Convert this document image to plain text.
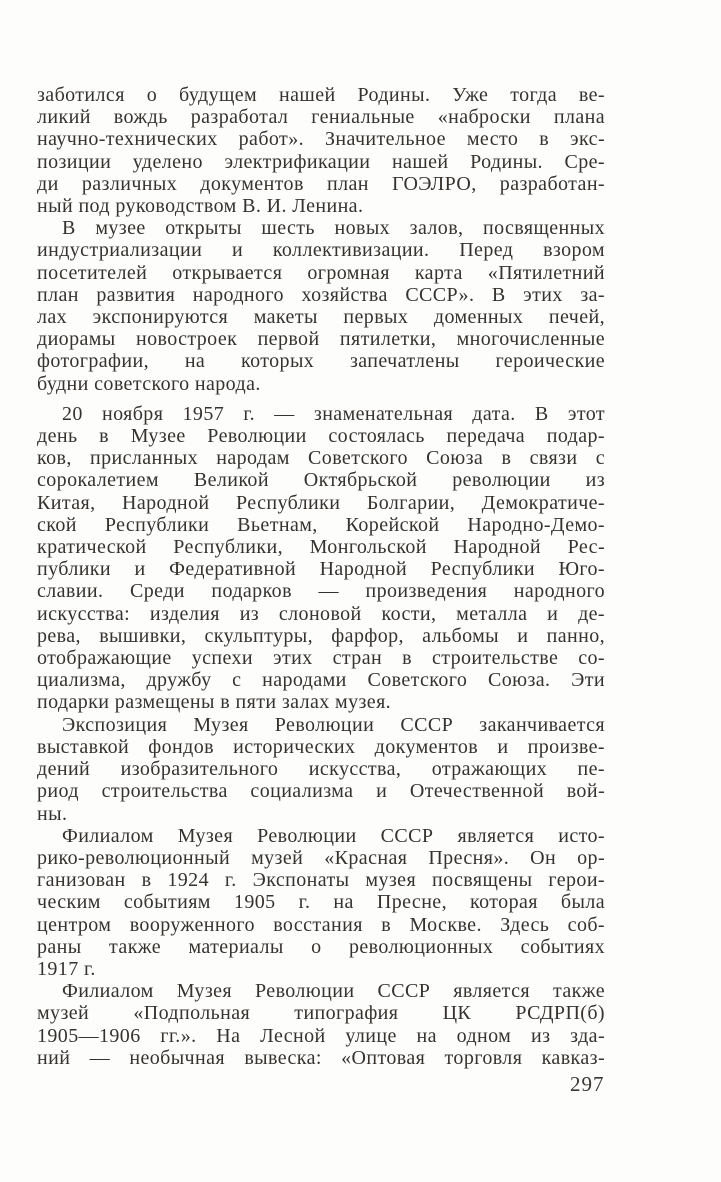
заботился о будущем нашей Родины. Уже тогда ве-
ликий вождь разработал гениальные «наброски плана
научно-технических работ». Значительное место в экс-
позиции уделено электрификации нашей Родины. Сре-
ди различных документов план ГОЭЛРО, разработан-
ный под руководством В. И. Ленина.
В музее открыты шесть новых залов, посвященных
индустриализации и коллективизации. Перед взором
посетителей открывается огромная карта «Пятилетний
план развития народного хозяйства СССР». В этих за-
лах экспонируются макеты первых доменных печей,
диорамы новостроек первой пятилетки, многочисленные
фотографии, на которых запечатлены героические
будни советского народа.
20 ноября 1957 г. — знаменательная дата. В этот
день в Музее Революции состоялась передача подар-
ков, присланных народам Советского Союза в связи с
сорокалетием Великой Октябрьской революции из
Китая, Народной Республики Болгарии, Демократиче-
ской Республики Вьетнам, Корейской Народно-Демо-
кратической Республики, Монгольской Народной Рес-
публики и Федеративной Народной Республики Юго-
славии. Среди подарков — произведения народного
искусства: изделия из слоновой кости, металла и де-
рева, вышивки, скульптуры, фарфор, альбомы и панно,
отображающие успехи этих стран в строительстве со-
циализма, дружбу с народами Советского Союза. Эти
подарки размещены в пяти залах музея.
Экспозиция Музея Революции СССР заканчивается
выставкой фондов исторических документов и произве-
дений изобразительного искусства, отражающих пе-
риод строительства социализма и Отечественной вой-
ны.
Филиалом Музея Революции СССР является исто-
рико-революционный музей «Красная Пресня». Он ор-
ганизован в 1924 г. Экспонаты музея посвящены герои-
ческим событиям 1905 г. на Пресне, которая была
центром вооруженного восстания в Москве. Здесь соб-
раны также материалы о революционных событиях
1917 г.
Филиалом Музея Революции СССР является также
музей «Подпольная типография ЦК РСДРП(б)
1905—1906 гг.». На Лесной улице на одном из зда-
ний — необычная вывеска: «Оптовая торговля кавказ-
297
